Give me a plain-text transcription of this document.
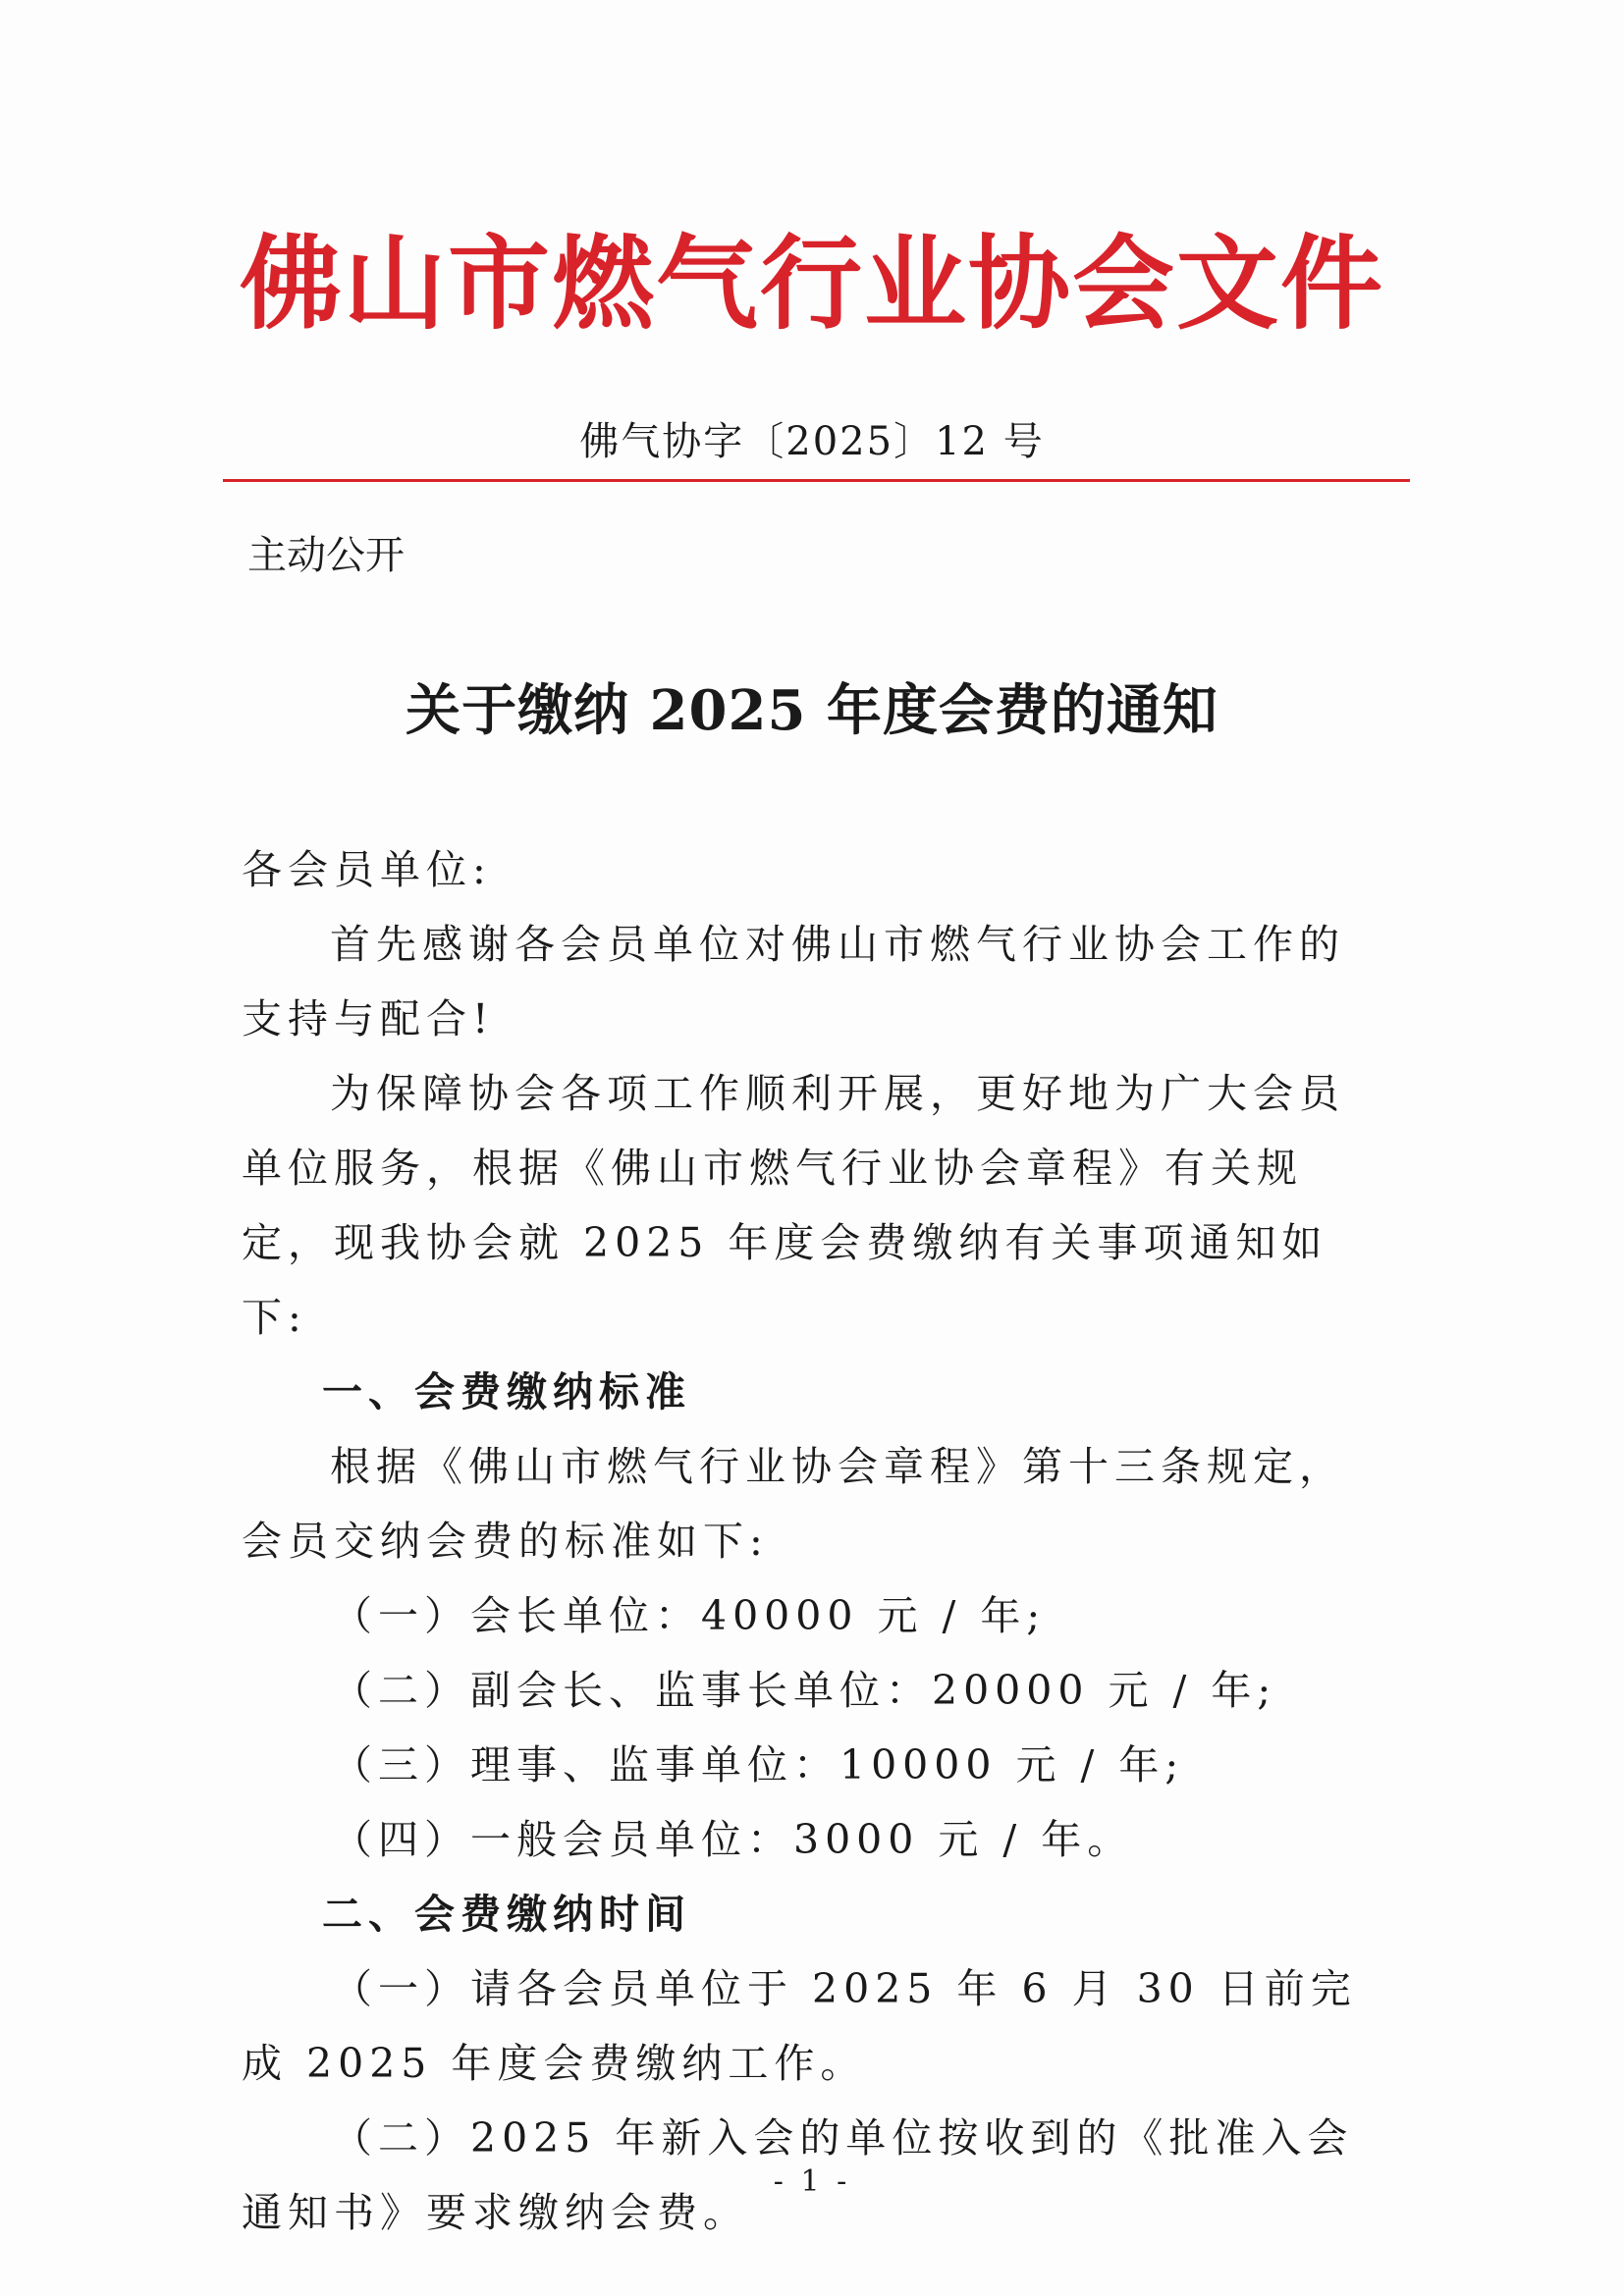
佛山市燃气行业协会文件
佛气协字〔2025〕12 号
主动公开
关于缴纳 2025 年度会费的通知

各会员单位:

首先感谢各会员单位对佛山市燃气行业协会工作的支持与配合!

为保障协会各项工作顺利开展，更好地为广大会员单位服务，根据《佛山市燃气行业协会章程》有关规定，现我协会就 2025 年度会费缴纳有关事项通知如下:

一、会费缴纳标准

根据《佛山市燃气行业协会章程》第十三条规定，会员交纳会费的标准如下:

（一）会长单位：40000 元 / 年;

（二）副会长、监事长单位：20000 元 / 年;

（三）理事、监事单位：10000 元 / 年;

（四）一般会员单位：3000 元 / 年。

二、会费缴纳时间

（一）请各会员单位于 2025 年 6 月 30 日前完成 2025 年度会费缴纳工作。

（二）2025 年新入会的单位按收到的《批准入会通知书》要求缴纳会费。

- 1 -
